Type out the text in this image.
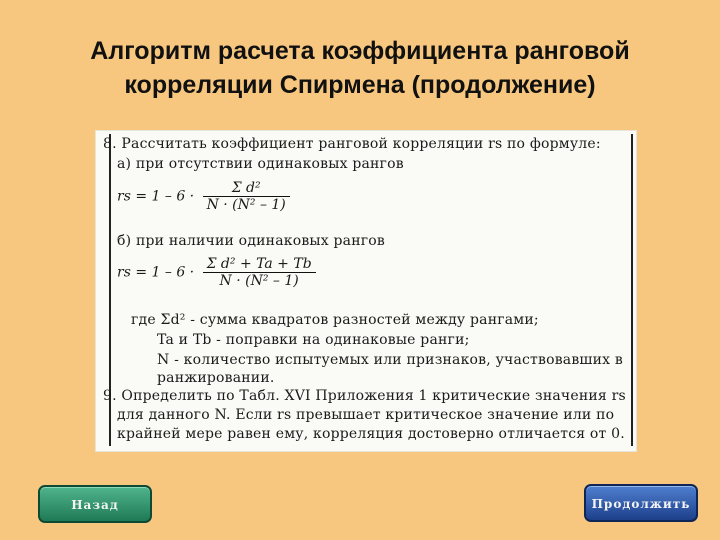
Алгоритм расчета коэффициента ранговой
корреляции Спирмена (продолжение)
8. Рассчитать коэффициент ранговой корреляции rs по формуле:
а) при отсутствии одинаковых рангов
rs = $1 - 6 \cdot \frac{\text{Σ d²}}{\text{N · (N² – 1)}}$
б) при наличии одинаковых рангов
rs = $1 - 6 \cdot \frac{\text{Σ d² + Ta + Tb}}{\text{N · (N² – 1)}}$
где Σd² - сумма квадратов разностей между рангами;
Ta и Tb - поправки на одинаковые ранги;
N - количество испытуемых или признаков, участвовавших в
ранжировании.
9. Определить по Табл. XVI Приложения 1 критические значения rs
для данного N. Если rs превышает критическое значение или по
крайней мере равен ему, корреляция достоверно отличается от 0.
Назад	Продолжить
